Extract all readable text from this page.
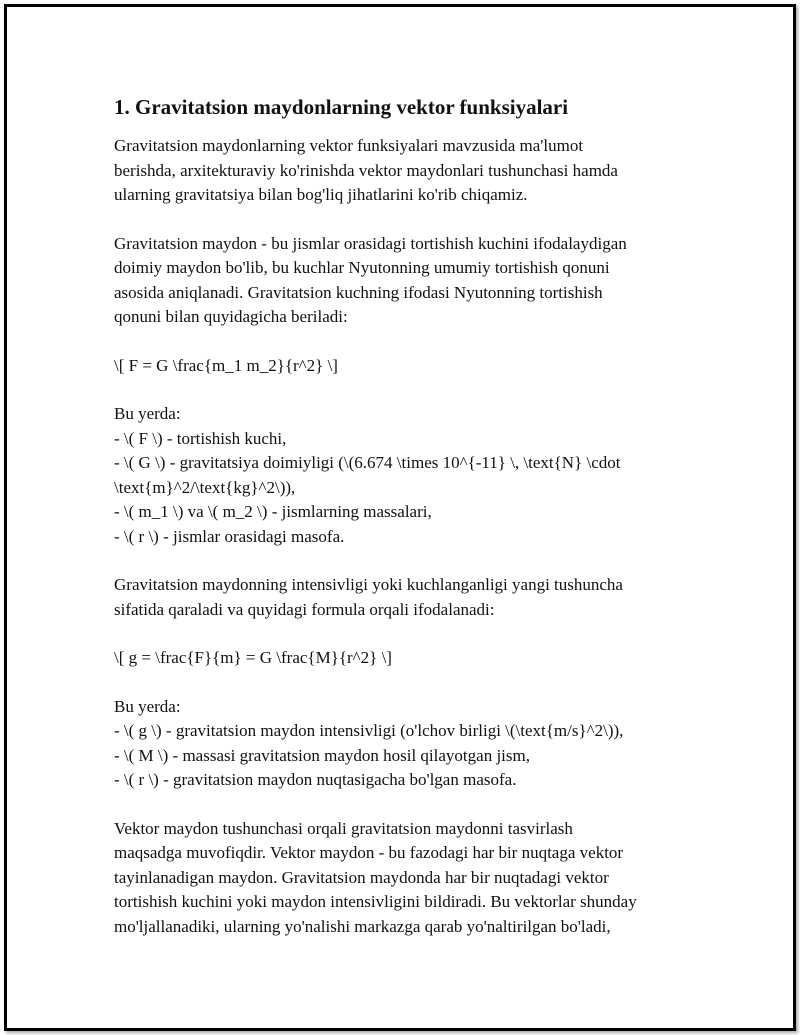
1. Gravitatsion maydonlarning vektor funksiyalari
Gravitatsion maydonlarning vektor funksiyalari mavzusida ma'lumot
berishda, arxitekturaviy ko'rinishda vektor maydonlari tushunchasi hamda
ularning gravitatsiya bilan bog'liq jihatlarini ko'rib chiqamiz.
Gravitatsion maydon - bu jismlar orasidagi tortishish kuchini ifodalaydigan
doimiy maydon bo'lib, bu kuchlar Nyutonning umumiy tortishish qonuni
asosida aniqlanadi. Gravitatsion kuchning ifodasi Nyutonning tortishish
qonuni bilan quyidagicha beriladi:
\[ F = G \frac{m_1 m_2}{r^2} \]
Bu yerda:
- \( F \) - tortishish kuchi,
- \( G \) - gravitatsiya doimiyligi (\(6.674 \times 10^{-11} \, \text{N} \cdot
\text{m}^2/\text{kg}^2\)),
- \( m_1 \) va \( m_2 \) - jismlarning massalari,
- \( r \) - jismlar orasidagi masofa.
Gravitatsion maydonning intensivligi yoki kuchlanganligi yangi tushuncha
sifatida qaraladi va quyidagi formula orqali ifodalanadi:
\[ g = \frac{F}{m} = G \frac{M}{r^2} \]
Bu yerda:
- \( g \) - gravitatsion maydon intensivligi (o'lchov birligi \(\text{m/s}^2\)),
- \( M \) - massasi gravitatsion maydon hosil qilayotgan jism,
- \( r \) - gravitatsion maydon nuqtasigacha bo'lgan masofa.
Vektor maydon tushunchasi orqali gravitatsion maydonni tasvirlash
maqsadga muvofiqdir. Vektor maydon - bu fazodagi har bir nuqtaga vektor
tayinlanadigan maydon. Gravitatsion maydonda har bir nuqtadagi vektor
tortishish kuchini yoki maydon intensivligini bildiradi. Bu vektorlar shunday
mo'ljallanadiki, ularning yo'nalishi markazga qarab yo'naltirilgan bo'ladi,
